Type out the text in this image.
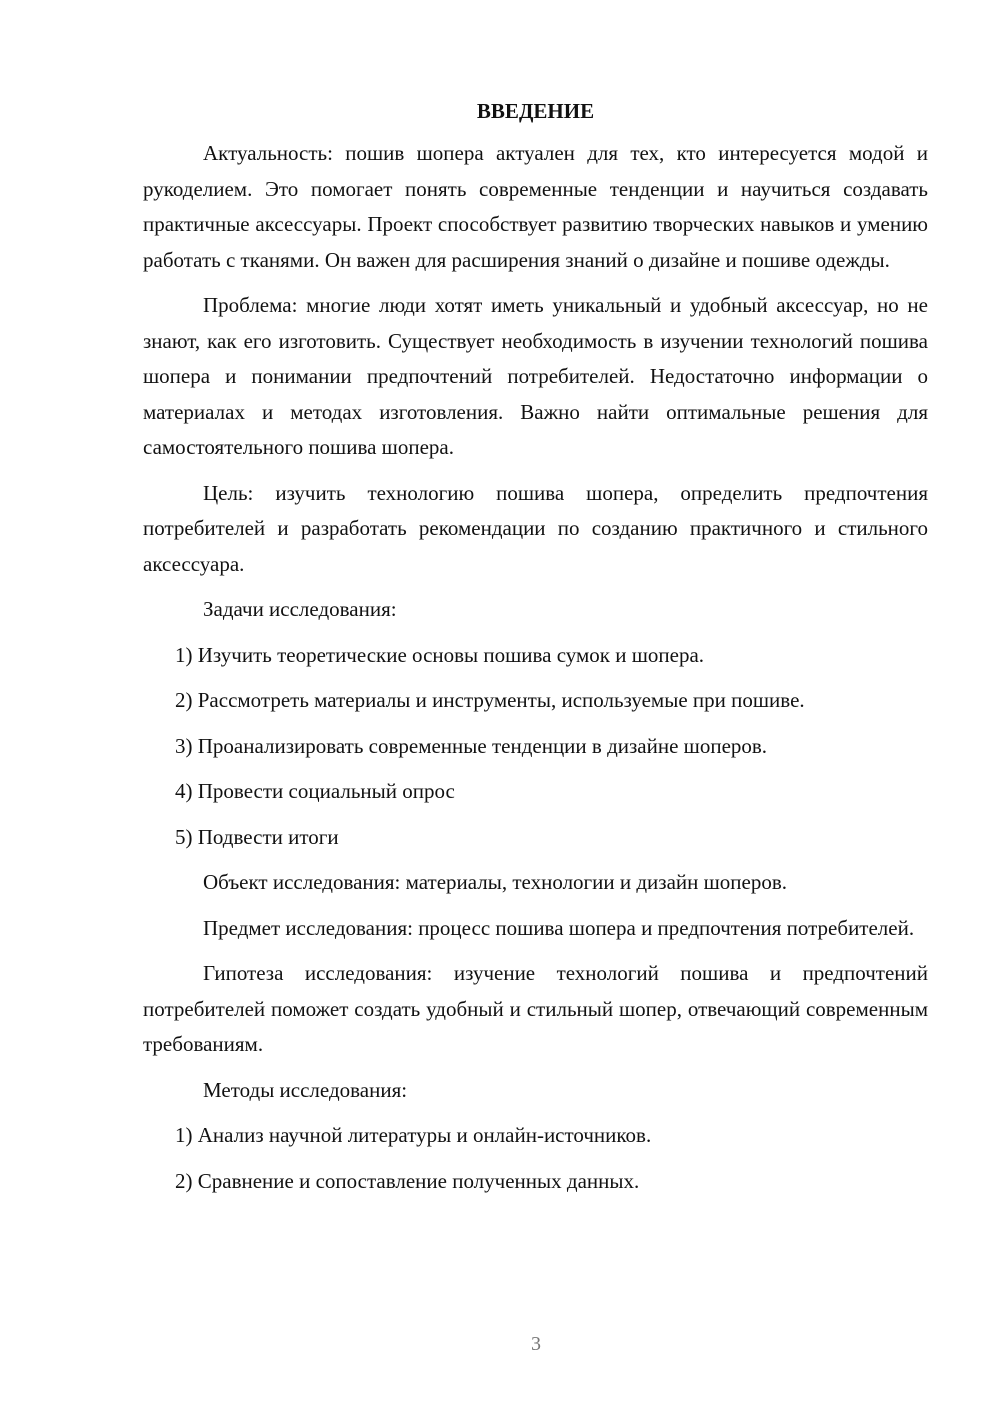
ВВЕДЕНИЕ
Актуальность: пошив шопера актуален для тех, кто интересуется модой и рукоделием. Это помогает понять современные тенденции и научиться создавать практичные аксессуары. Проект способствует развитию творческих навыков и умению работать с тканями. Он важен для расширения знаний о дизайне и пошиве одежды.
Проблема: многие люди хотят иметь уникальный и удобный аксессуар, но не знают, как его изготовить. Существует необходимость в изучении технологий пошива шопера и понимании предпочтений потребителей. Недостаточно информации о материалах и методах изготовления. Важно найти оптимальные решения для самостоятельного пошива шопера.
Цель: изучить технологию пошива шопера, определить предпочтения потребителей и разработать рекомендации по созданию практичного и стильного аксессуара.
Задачи исследования:
1) Изучить теоретические основы пошива сумок и шопера.
2) Рассмотреть материалы и инструменты, используемые при пошиве.
3) Проанализировать современные тенденции в дизайне шоперов.
4) Провести социальный опрос
5) Подвести итоги
Объект исследования: материалы, технологии и дизайн шоперов.
Предмет исследования: процесс пошива шопера и предпочтения потребителей.
Гипотеза исследования: изучение технологий пошива и предпочтений потребителей поможет создать удобный и стильный шопер, отвечающий современным требованиям.
Методы исследования:
1) Анализ научной литературы и онлайн-источников.
2) Сравнение и сопоставление полученных данных.
3
